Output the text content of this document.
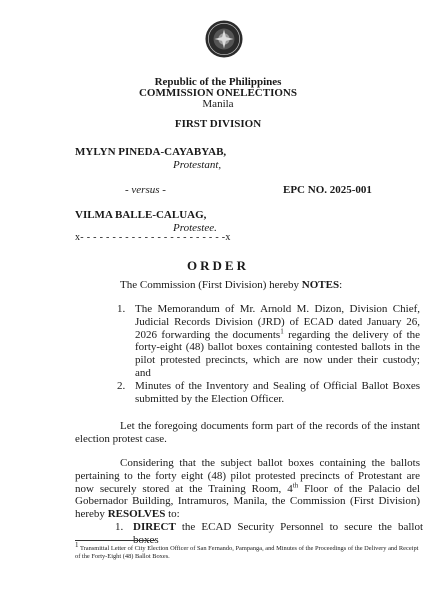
Republic of the Philippines
COMMISSION ONELECTIONS
Manila
FIRST DIVISION
MYLYN PINEDA-CAYABYAB,
Protestant,
- versus -	EPC NO. 2025-001
VILMA BALLE-CALUAG,
Protestee.
x- - - - - - - - - - - - - - - - - - - - - - -x
ORDER
The Commission (First Division) hereby NOTES:
1. The Memorandum of Mr. Arnold M. Dizon, Division Chief, Judicial Records Division (JRD) of ECAD dated January 26, 2026 forwarding the documents$^1$ regarding the delivery of the forty-eight (48) ballot boxes containing contested ballots in the pilot protested precincts, which are now under their custody; and
2. Minutes of the Inventory and Sealing of Official Ballot Boxes submitted by the Election Officer.
Let the foregoing documents form part of the records of the instant election protest case.
Considering that the subject ballot boxes containing the ballots pertaining to the forty eight (48) pilot protested precincts of Protestant are now securely stored at the Training Room, 4th Floor of the Palacio del Gobernador Building, Intramuros, Manila, the Commission (First Division) hereby RESOLVES to:
1. DIRECT the ECAD Security Personnel to secure the ballot boxes
$^1$ Transmittal Letter of City Election Officer of San Fernando, Pampanga, and Minutes of the Proceedings of the Delivery and Receipt of the Forty-Eight (48) Ballot Boxes.
